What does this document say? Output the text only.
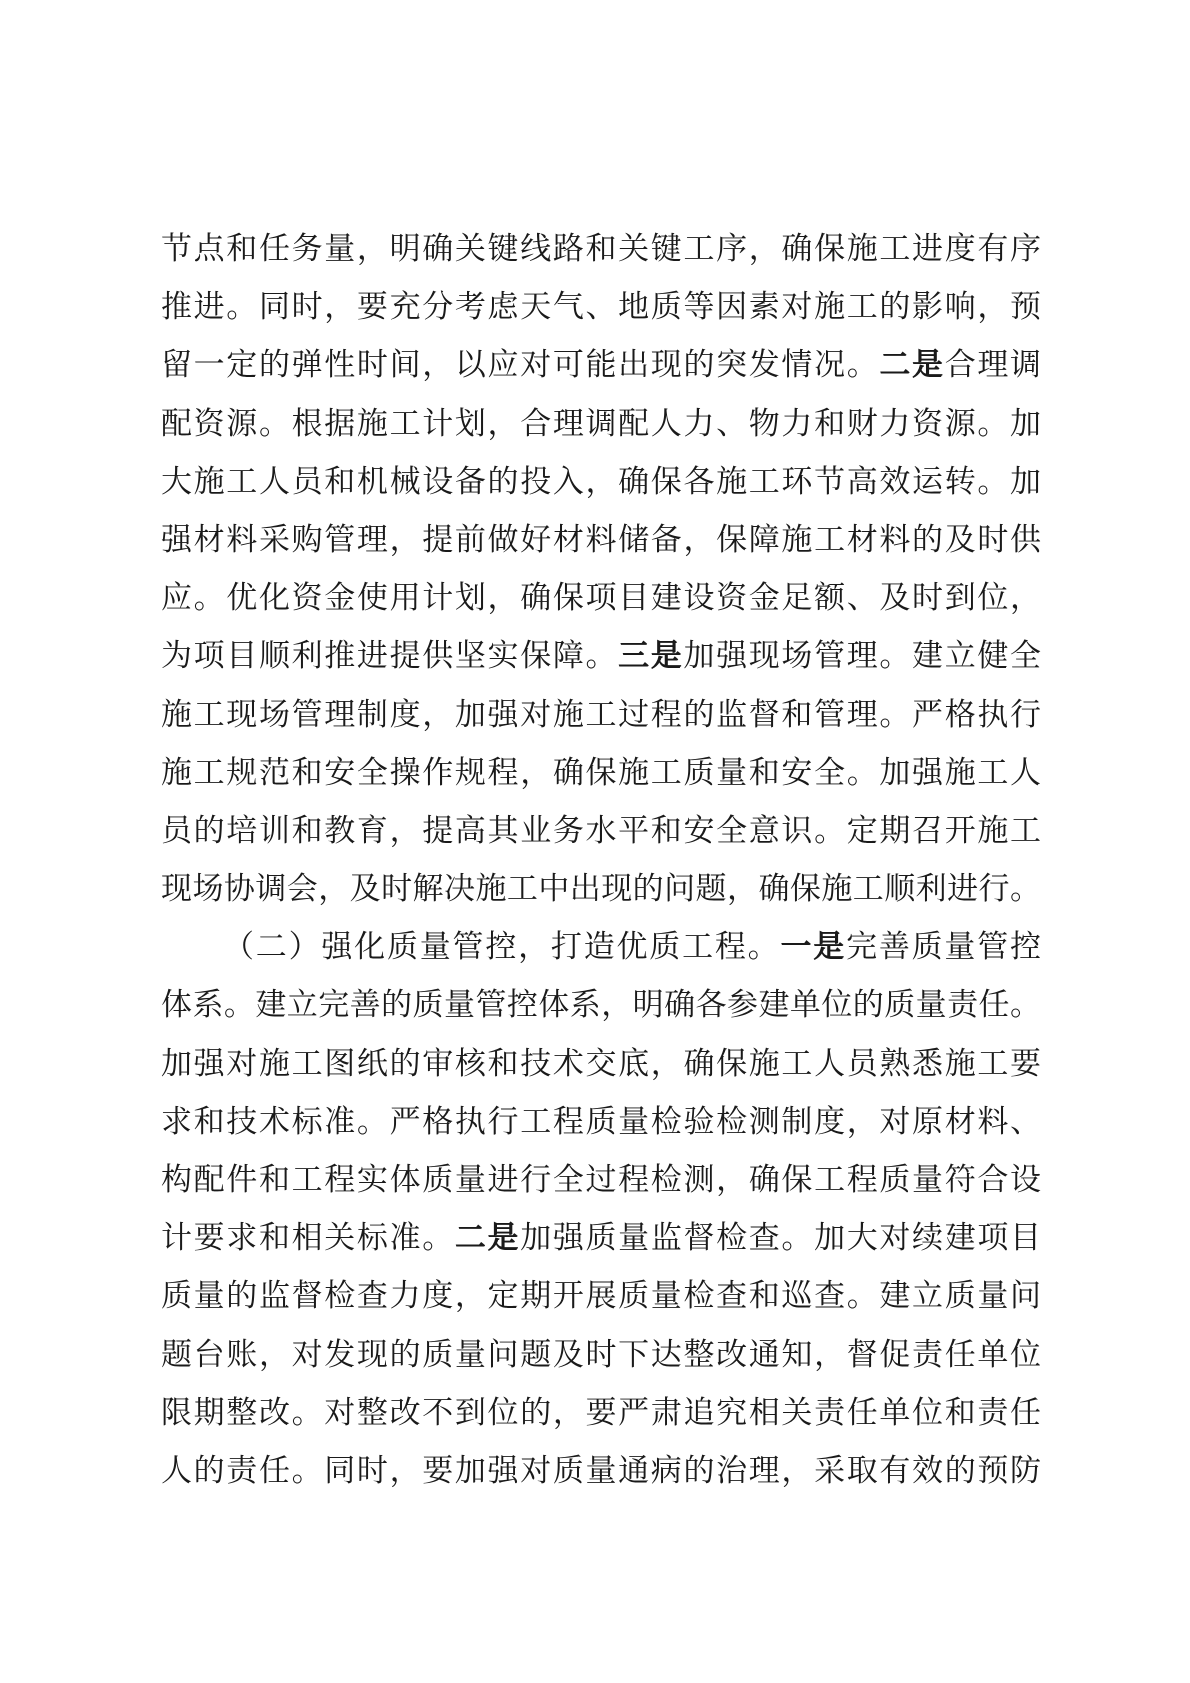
节点和任务量，明确关键线路和关键工序，确保施工进度有序
推进。同时，要充分考虑天气、地质等因素对施工的影响，预
留一定的弹性时间，以应对可能出现的突发情况。二是合理调
配资源。根据施工计划，合理调配人力、物力和财力资源。加
大施工人员和机械设备的投入，确保各施工环节高效运转。加
强材料采购管理，提前做好材料储备，保障施工材料的及时供
应。优化资金使用计划，确保项目建设资金足额、及时到位，
为项目顺利推进提供坚实保障。三是加强现场管理。建立健全
施工现场管理制度，加强对施工过程的监督和管理。严格执行
施工规范和安全操作规程，确保施工质量和安全。加强施工人
员的培训和教育，提高其业务水平和安全意识。定期召开施工
现场协调会，及时解决施工中出现的问题，确保施工顺利进行。
（二）强化质量管控，打造优质工程。一是完善质量管控
体系。建立完善的质量管控体系，明确各参建单位的质量责任。
加强对施工图纸的审核和技术交底，确保施工人员熟悉施工要
求和技术标准。严格执行工程质量检验检测制度，对原材料、
构配件和工程实体质量进行全过程检测，确保工程质量符合设
计要求和相关标准。二是加强质量监督检查。加大对续建项目
质量的监督检查力度，定期开展质量检查和巡查。建立质量问
题台账，对发现的质量问题及时下达整改通知，督促责任单位
限期整改。对整改不到位的，要严肃追究相关责任单位和责任
人的责任。同时，要加强对质量通病的治理，采取有效的预防
